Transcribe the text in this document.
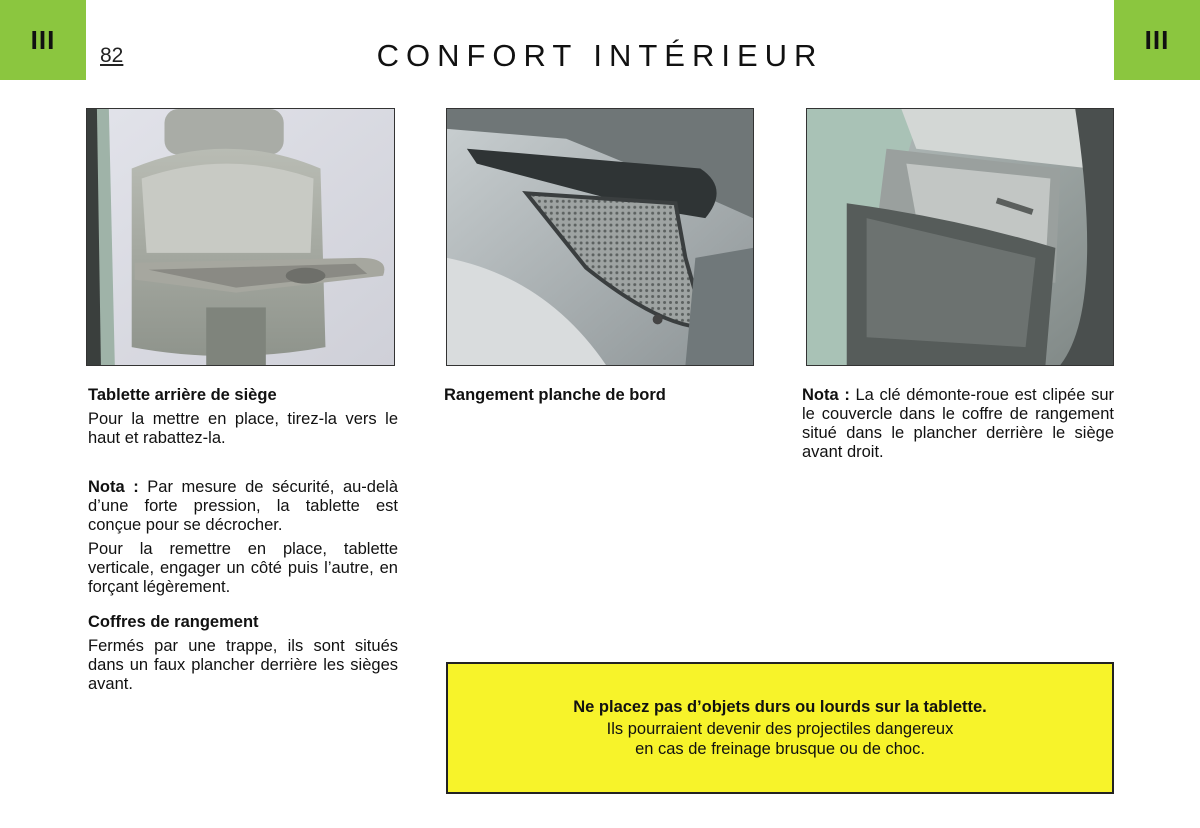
III	III
82	CONFORT INTÉRIEUR
Tablette arrière de siège

Pour la mettre en place, tirez-la vers le haut et rabattez-la.

Nota : Par mesure de sécurité, au-delà d’une forte pression, la tablette est conçue pour se décrocher.

Pour la remettre en place, tablette verticale, engager un côté puis l’autre, en forçant légèrement.

Coffres de rangement

Fermés par une trappe, ils sont situés dans un faux plancher derrière les sièges avant.

Rangement planche de bord	Nota : La clé démonte-roue est clipée sur le couvercle dans le coffre de rangement situé dans le plancher derrière le siège avant droit.

Ne placez pas d’objets durs ou lourds sur la tablette.
Ils pourraient devenir des projectiles dangereux
en cas de freinage brusque ou de choc.
